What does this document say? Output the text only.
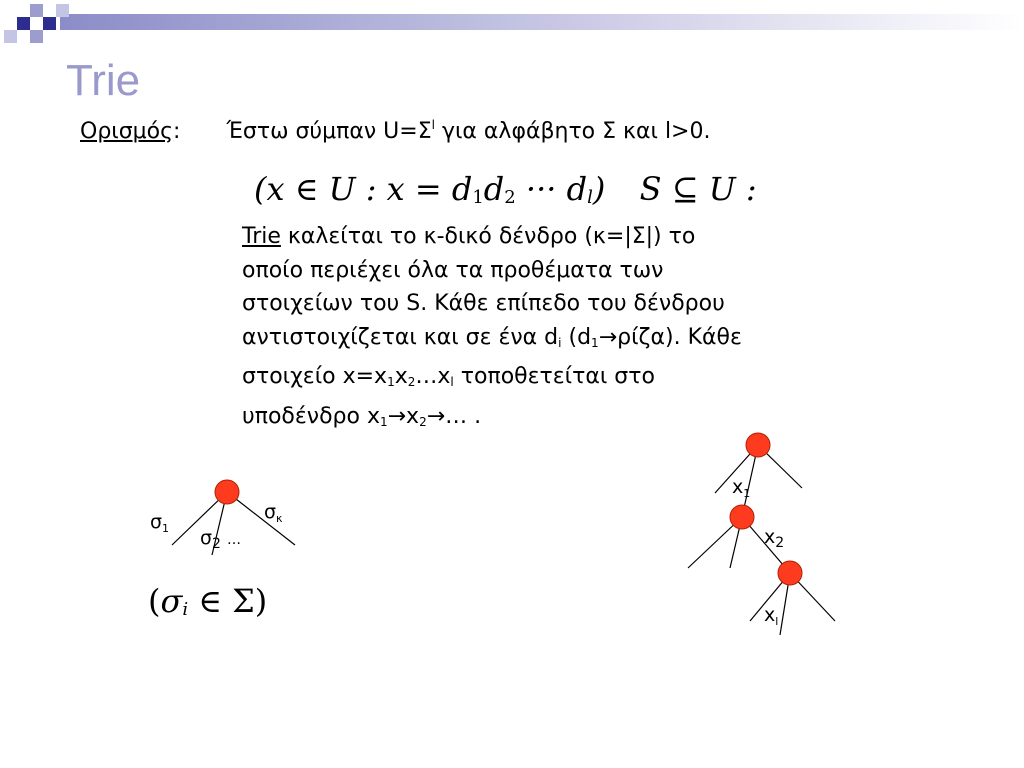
Trie
Ορισμός: Έστω σύμπαν $U=\Sigma^l$ για αλφάβητο Σ και l>0.
(x ∈ U : $x = d_1d_2$ ··· $d_l$) S ⊆ U :
Trie καλείται το κ-δικό δένδρο (κ=|Σ|) το
οποίο περιέχει όλα τα προθέματα των
στοιχείων του S. Κάθε επίπεδο του δένδρου
αντιστοιχίζεται και σε ένα $d_i$ $(d_1\to\rho ί\zeta\alpha)$. Κάθε
στοιχείο $x=x_1x_2\dots x_l$ τοποθετείται στο
υποδένδρο $x_1\to x_2\to\dots$ .
$\sigma_1$ $\sigma_2$ …
$\sigma_\kappa$
($\sigma_i$ ∈ Σ)
$x_1$
$x_2$
$x_l$
